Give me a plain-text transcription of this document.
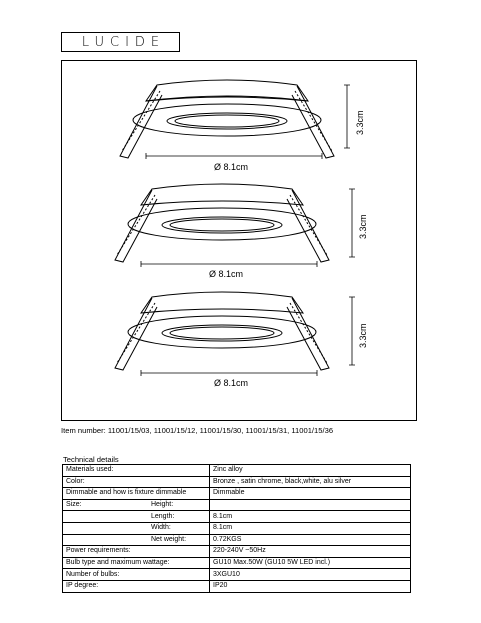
LUCIDE
Ø 8.1cm
3.3cm
Ø 8.1cm
3.3cm
Ø 8.1cm
3.3cm
Item number: 11001/15/03, 11001/15/12, 11001/15/30, 11001/15/31, 11001/15/36
Technical details
Materials used:	Zinc alloy
Color:	Bronze , satin chrome, black,white, alu silver
Dimmable and how is fixture dimmable	Dimmable
Size: Height:	

Length:	8.1cm
Width:	8.1cm
Net weight:	0.72KGS
Power requirements:	220-240V ~50Hz
Bulb type and maximum wattage:	GU10 Max.50W (GU10 5W LED incl.)
Number of bulbs:	3XGU10
IP degree:	IP20
